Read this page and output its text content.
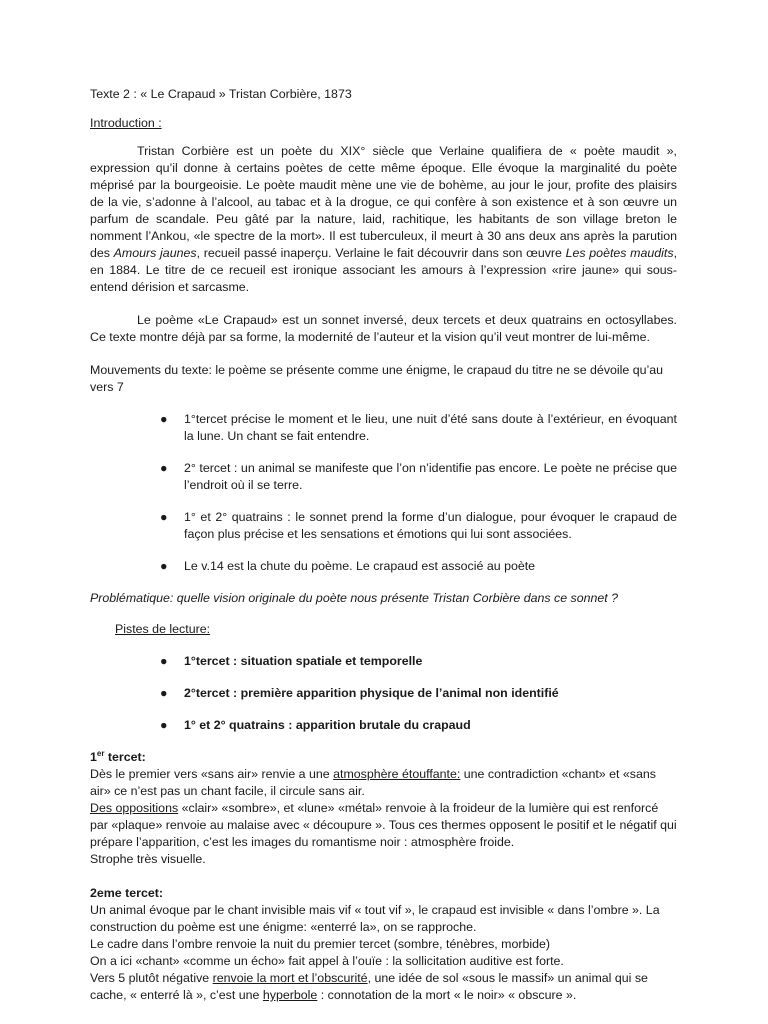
Texte 2 : « Le Crapaud » Tristan Corbière, 1873

Introduction :

Tristan Corbière est un poète du XIX° siècle que Verlaine qualifiera de « poète maudit », expression qu’il donne à certains poètes de cette même époque. Elle évoque la marginalité du poète méprisé par la bourgeoisie. Le poète maudit mène une vie de bohème, au jour le jour, profite des plaisirs de la vie, s’adonne à l’alcool, au tabac et à la drogue, ce qui confère à son existence et à son œuvre un parfum de scandale. Peu gâté par la nature, laid, rachitique, les habitants de son village breton le nomment l’Ankou, «le spectre de la mort». Il est tuberculeux, il meurt à 30 ans deux ans après la parution des Amours jaunes, recueil passé inaperçu. Verlaine le fait découvrir dans son œuvre Les poètes maudits, en 1884. Le titre de ce recueil est ironique associant les amours à l’expression «rire jaune» qui sous-entend dérision et sarcasme.

Le poème «Le Crapaud» est un sonnet inversé, deux tercets et deux quatrains en octosyllabes. Ce texte montre déjà par sa forme, la modernité de l’auteur et la vision qu’il veut montrer de lui-même.

Mouvements du texte: le poème se présente comme une énigme, le crapaud du titre ne se dévoile qu’au vers 7

● 1°tercet précise le moment et le lieu, une nuit d’été sans doute à l’extérieur, en évoquant la lune. Un chant se fait entendre.
● 2° tercet : un animal se manifeste que l’on n’identifie pas encore. Le poète ne précise que l’endroit où il se terre.
● 1° et 2° quatrains : le sonnet prend la forme d’un dialogue, pour évoquer le crapaud de façon plus précise et les sensations et émotions qui lui sont associées.
● Le v.14 est la chute du poème. Le crapaud est associé au poète

Problématique: quelle vision originale du poète nous présente Tristan Corbière dans ce sonnet ?

Pistes de lecture:

● 1°tercet : situation spatiale et temporelle
● 2°tercet : première apparition physique de l’animal non identifié
● 1° et 2° quatrains : apparition brutale du crapaud

1er tercet:

Dès le premier vers «sans air» renvie a une atmosphère étouffante: une contradiction «chant» et «sans air» ce n’est pas un chant facile, il circule sans air.

Des oppositions «clair» «sombre», et «lune» «métal» renvoie à la froideur de la lumière qui est renforcé par «plaque» renvoie au malaise avec « découpure ». Tous ces thermes opposent le positif et le négatif qui prépare l’apparition, c’est les images du romantisme noir : atmosphère froide.

Strophe très visuelle.

2eme tercet:

Un animal évoque par le chant invisible mais vif « tout vif », le crapaud est invisible « dans l’ombre ». La construction du poème est une énigme: «enterré la», on se rapproche.

Le cadre dans l’ombre renvoie la nuit du premier tercet (sombre, ténèbres, morbide)

On a ici «chant» «comme un écho» fait appel à l’ouïe : la sollicitation auditive est forte.

Vers 5 plutôt négative renvoie la mort et l’obscurité, une idée de sol «sous le massif» un animal qui se cache, « enterré là », c’est une hyperbole : connotation de la mort « le noir» « obscure ».
